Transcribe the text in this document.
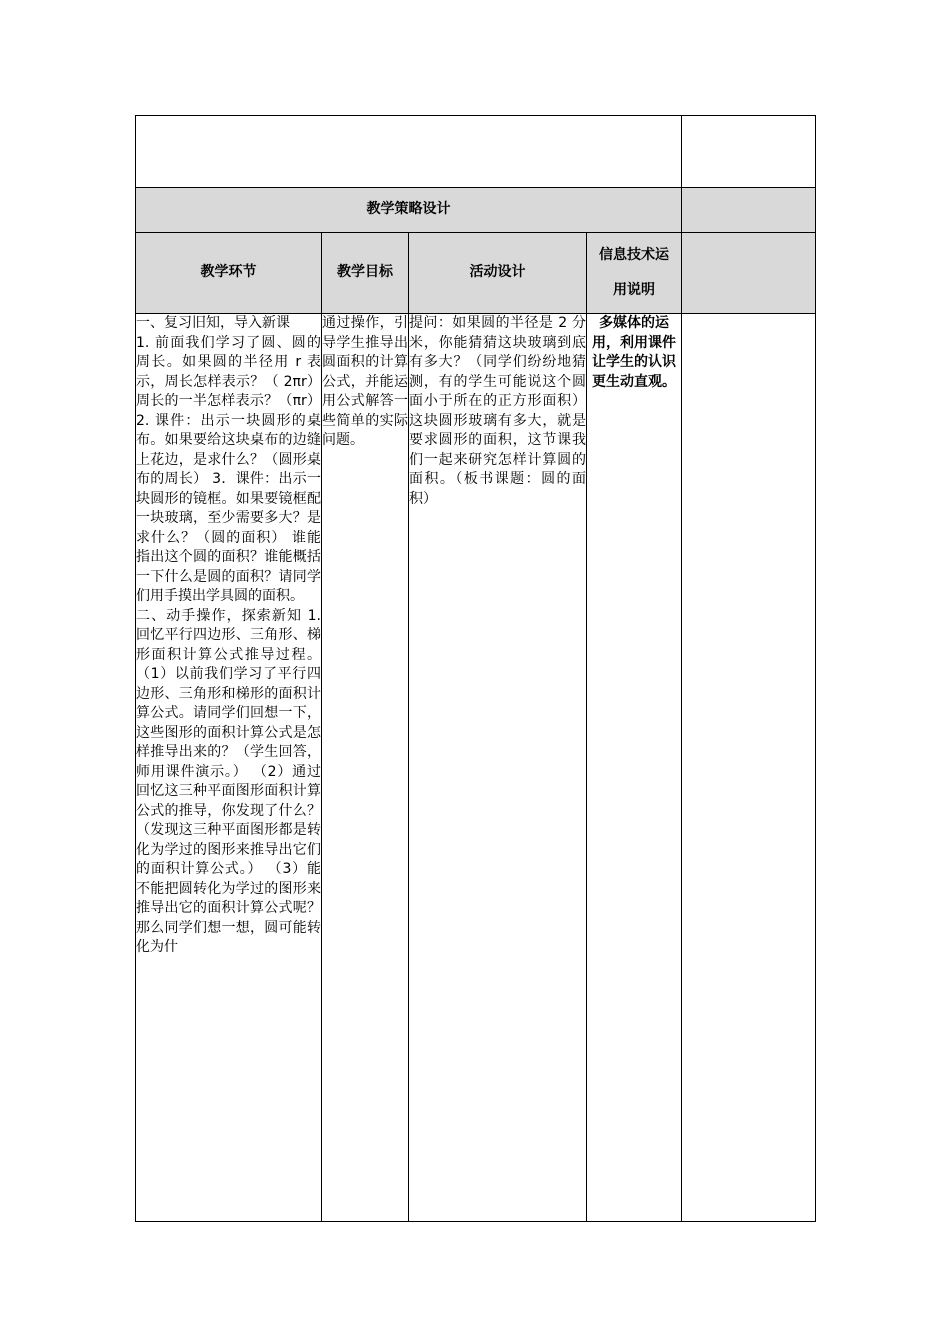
教学策略设计				
教学环节	教学目标	活动设计	信息技术运用说明	

一、复习旧知，导入新课

1. 前面我们学习了圆、圆的周长。如果圆的半径用 r 表示，周长怎样表示？（ 2πr）周长的一半怎样表示？（πr） 2. 课件：出示一块圆形的桌布。如果要给这块桌布的边缝上花边，是求什么？（圆形桌布的周长） 3．课件：出示一块圆形的镜框。如果要镜框配一块玻璃，至少需要多大？是求什么？（圆的面积） 谁能指出这个圆的面积？谁能概括一下什么是圆的面积？请同学们用手摸出学具圆的面积。

二、动手操作，探索新知 1. 回忆平行四边形、三角形、梯形面积计算公式推导过程。（1）以前我们学习了平行四边形、三角形和梯形的面积计算公式。请同学们回想一下，这些图形的面积计算公式是怎样推导出来的？（学生回答，师用课件演示。） （2）通过回忆这三种平面图形面积计算公式的推导，你发现了什么？（发现这三种平面图形都是转化为学过的图形来推导出它们的面积计算公式。） （3）能不能把圆转化为学过的图形来推导出它的面积计算公式呢？ 那么同学们想一想，圆可能转化为什	通过操作，引导学生推导出圆面积的计算公式，并能运用公式解答一些简单的实际问题。	提问：如果圆的半径是 2 分米，你能猜猜这块玻璃到底有多大？（同学们纷纷地猜测，有的学生可能说这个圆面小于所在的正方形面积） 这块圆形玻璃有多大，就是要求圆形的面积，这节课我们一起来研究怎样计算圆的面积。（板书课题：圆的面积）	多媒体的运用，利用课件让学生的认识更生动直观。	
